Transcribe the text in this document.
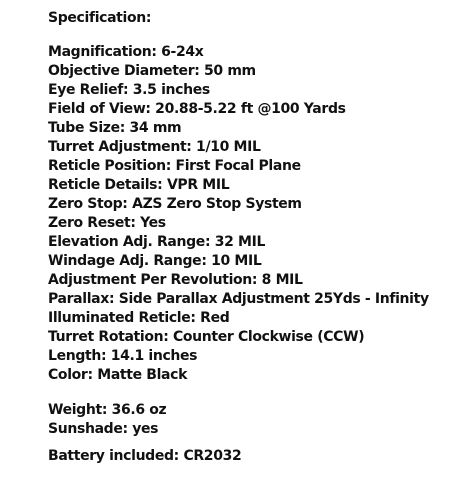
Specification:
Magnification: 6-24x
Objective Diameter: 50 mm
Eye Relief: 3.5 inches
Field of View: 20.88-5.22 ft @100 Yards
Tube Size: 34 mm
Turret Adjustment: 1/10 MIL
Reticle Position: First Focal Plane
Reticle Details: VPR MIL
Zero Stop: AZS Zero Stop System
Zero Reset: Yes
Elevation Adj. Range: 32 MIL
Windage Adj. Range: 10 MIL
Adjustment Per Revolution: 8 MIL
Parallax: Side Parallax Adjustment 25Yds - Infinity
Illuminated Reticle: Red
Turret Rotation: Counter Clockwise (CCW)
Length: 14.1 inches
Color: Matte Black
Weight: 36.6 oz
Sunshade: yes
Battery included: CR2032
